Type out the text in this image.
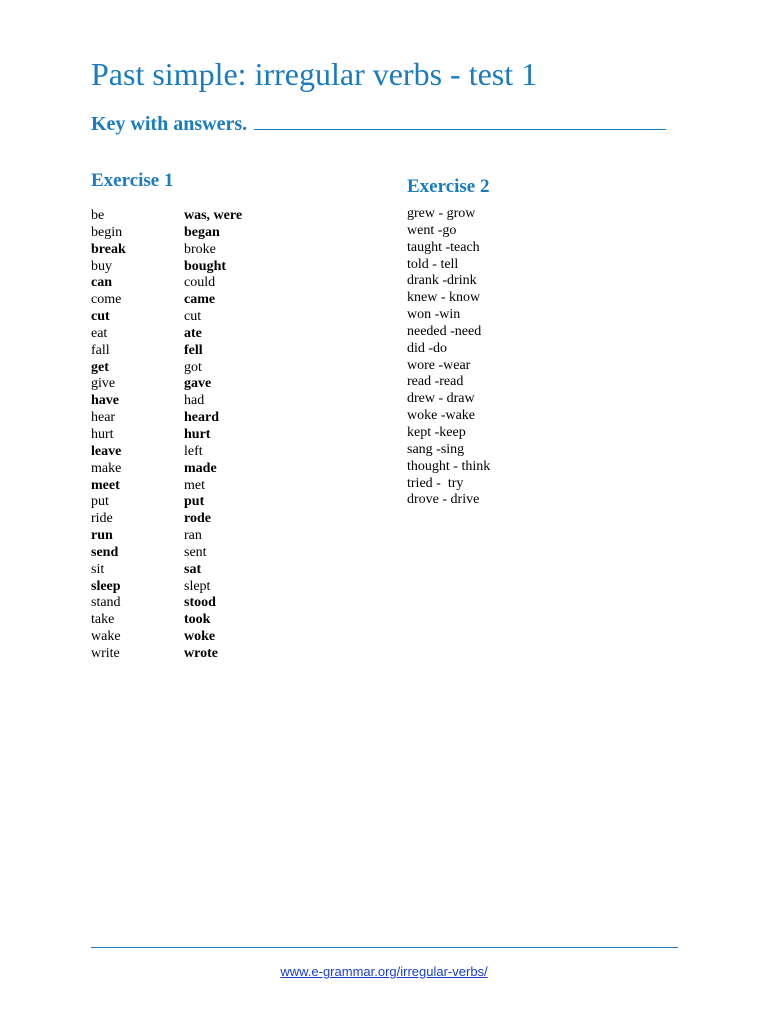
Past simple: irregular verbs - test 1
Key with answers.
Exercise 1
be	was, were
begin	began
break	broke
buy	bought
can	could
come	came
cut	cut
eat	ate
fall	fell
get	got
give	gave
have	had
hear	heard
hurt	hurt
leave	left
make	made
meet	met
put	put
ride	rode
run	ran
send	sent
sit	sat
sleep	slept
stand	stood
take	took
wake	woke
write	wrote
Exercise 2
grew - grow
went -go
taught -teach
told - tell
drank -drink
knew - know
won -win
needed -need
did -do
wore -wear
read -read
drew - draw
woke -wake
kept -keep
sang -sing
thought - think
tried -  try
drove - drive
www.e-grammar.org/irregular-verbs/
